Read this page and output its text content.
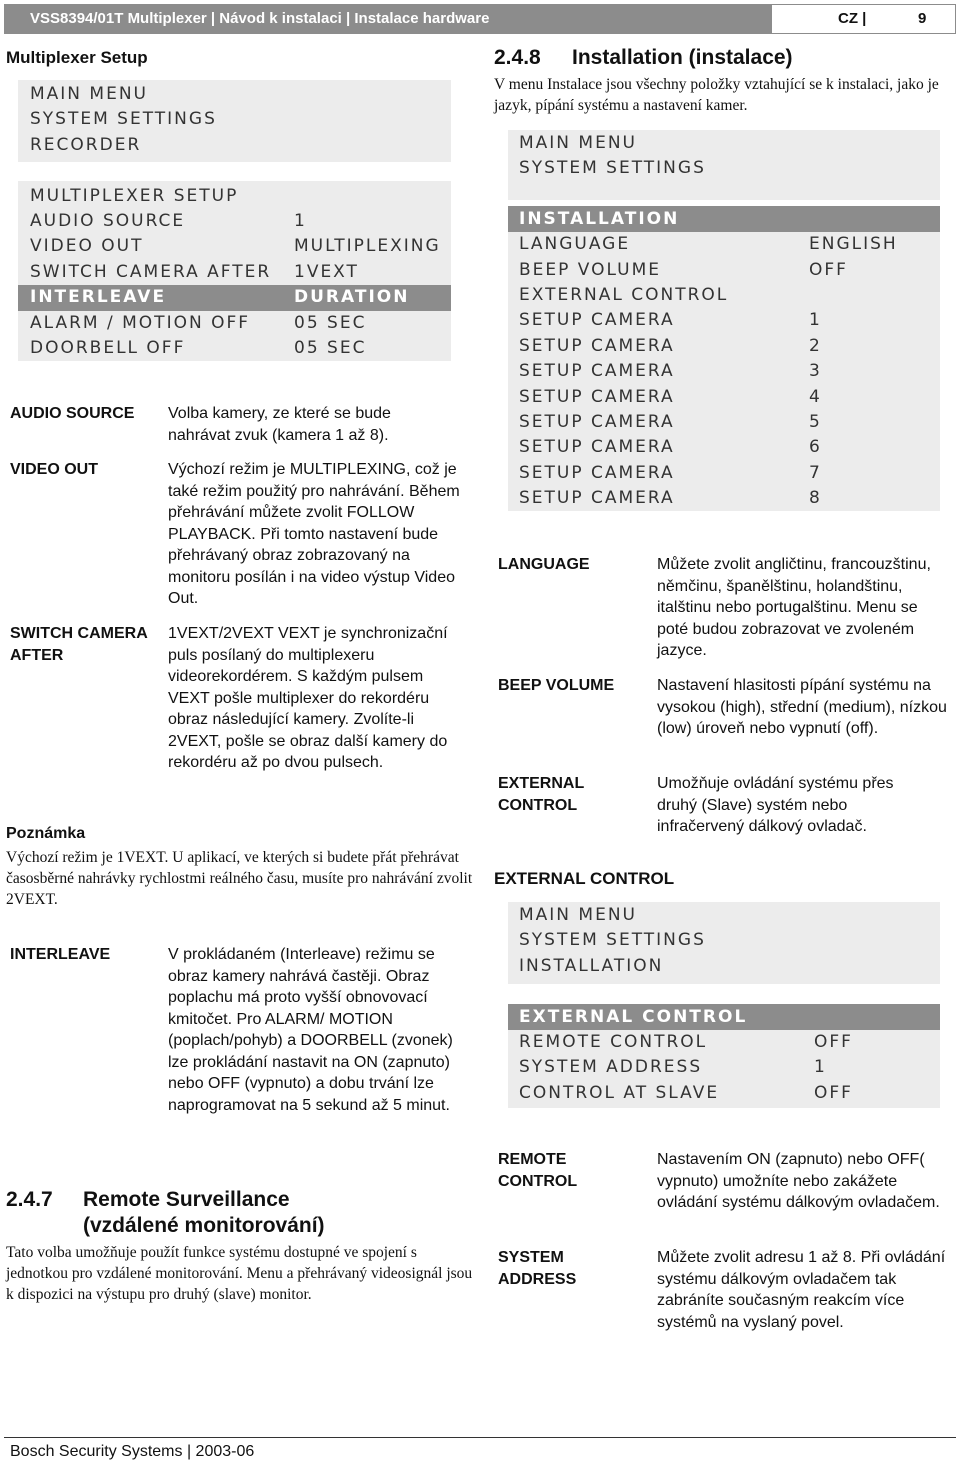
VSS8394/01T Multiplexer | Návod k instalaci | Instalace hardware	CZ |	9
Multiplexer Setup
MAIN MENU
SYSTEM SETTINGS
RECORDER
MULTIPLEXER SETUP
AUDIO SOURCE	1
VIDEO OUT	MULTIPLEXING
SWITCH CAMERA AFTER 1VEXT
INTERLEAVE	DURATION
ALARM / MOTION OFF	05 SEC
DOORBELL OFF	05 SEC
AUDIO SOURCE Volba kamery, ze které se bude nahrávat zvuk (kamera 1 až 8).
VIDEO OUT	Výchozí režim je MULTIPLEXING, což je také režim použitý pro nahrávání. Během přehrávání můžete zvolit FOLLOW PLAYBACK. Při tomto nastavení bude přehrávaný obraz zobrazovaný na monitoru posílán i na video výstup Video Out.
SWITCH CAMERA AFTER
1VEXT/2VEXT VEXT je synchronizační puls posílaný do multiplexeru videorekordérem. S každým pulsem VEXT pošle multiplexer do rekordéru obraz následující kamery. Zvolíte-li 2VEXT, pošle se obraz další kamery do rekordéru až po dvou pulsech.
Poznámka
Výchozí režim je 1VEXT. U aplikací, ve kterých si budete přát přehrávat časosběrné nahrávky rychlostmi reálného času, musíte pro nahrávání zvolit 2VEXT.
INTERLEAVE	V prokládaném (Interleave) režimu se obraz kamery nahrává častěji. Obraz poplachu má proto vyšší obnovovací kmitočet. Pro ALARM/ MOTION (poplach/pohyb) a DOORBELL (zvonek) lze prokládání nastavit na ON (zapnuto) nebo OFF (vypnuto) a dobu trvání lze naprogramovat na 5 sekund až 5 minut.
2.4.7 Remote Surveillance
(vzdálené monitorování)
Tato volba umožňuje použít funkce systému dostupné ve spojení s jednotkou pro vzdálené monitorování. Menu a přehrávaný videosignál jsou k dispozici na výstupu pro druhý (slave) monitor.
2.4.8 Installation (instalace)
V menu Instalace jsou všechny položky vztahující se k instalaci, jako je jazyk, pípání systému a nastavení kamer.
MAIN MENU
SYSTEM SETTINGS
INSTALLATION
LANGUAGE	ENGLISH
BEEP VOLUME	OFF
EXTERNAL CONTROL
SETUP CAMERA	1
SETUP CAMERA	2
SETUP CAMERA	3
SETUP CAMERA	4
SETUP CAMERA	5
SETUP CAMERA	6
SETUP CAMERA	7
SETUP CAMERA	8
LANGUAGE	Můžete zvolit angličtinu, francouzštinu, němčinu, španělštinu, holandštinu, italštinu nebo portugalštinu. Menu se poté budou zobrazovat ve zvoleném jazyce.
BEEP VOLUME	Nastavení hlasitosti pípání systému na vysokou (high), střední (medium), nízkou (low) úroveň nebo vypnutí (off).
EXTERNAL CONTROL
Umožňuje ovládání systému přes druhý (Slave) systém nebo infračervený dálkový ovladač.
EXTERNAL CONTROL
MAIN MENU
SYSTEM SETTINGS
INSTALLATION
EXTERNAL CONTROL
REMOTE CONTROL	OFF
SYSTEM ADDRESS	1
CONTROL AT SLAVE	OFF
REMOTE CONTROL
Nastavením ON (zapnuto) nebo OFF( vypnuto) umožníte nebo zakážete ovládání systému dálkovým ovladačem.
SYSTEM ADDRESS
Můžete zvolit adresu 1 až 8. Při ovládání systému dálkovým ovladačem tak zabráníte současným reakcím více systémů na vyslaný povel.
Bosch Security Systems | 2003-06
